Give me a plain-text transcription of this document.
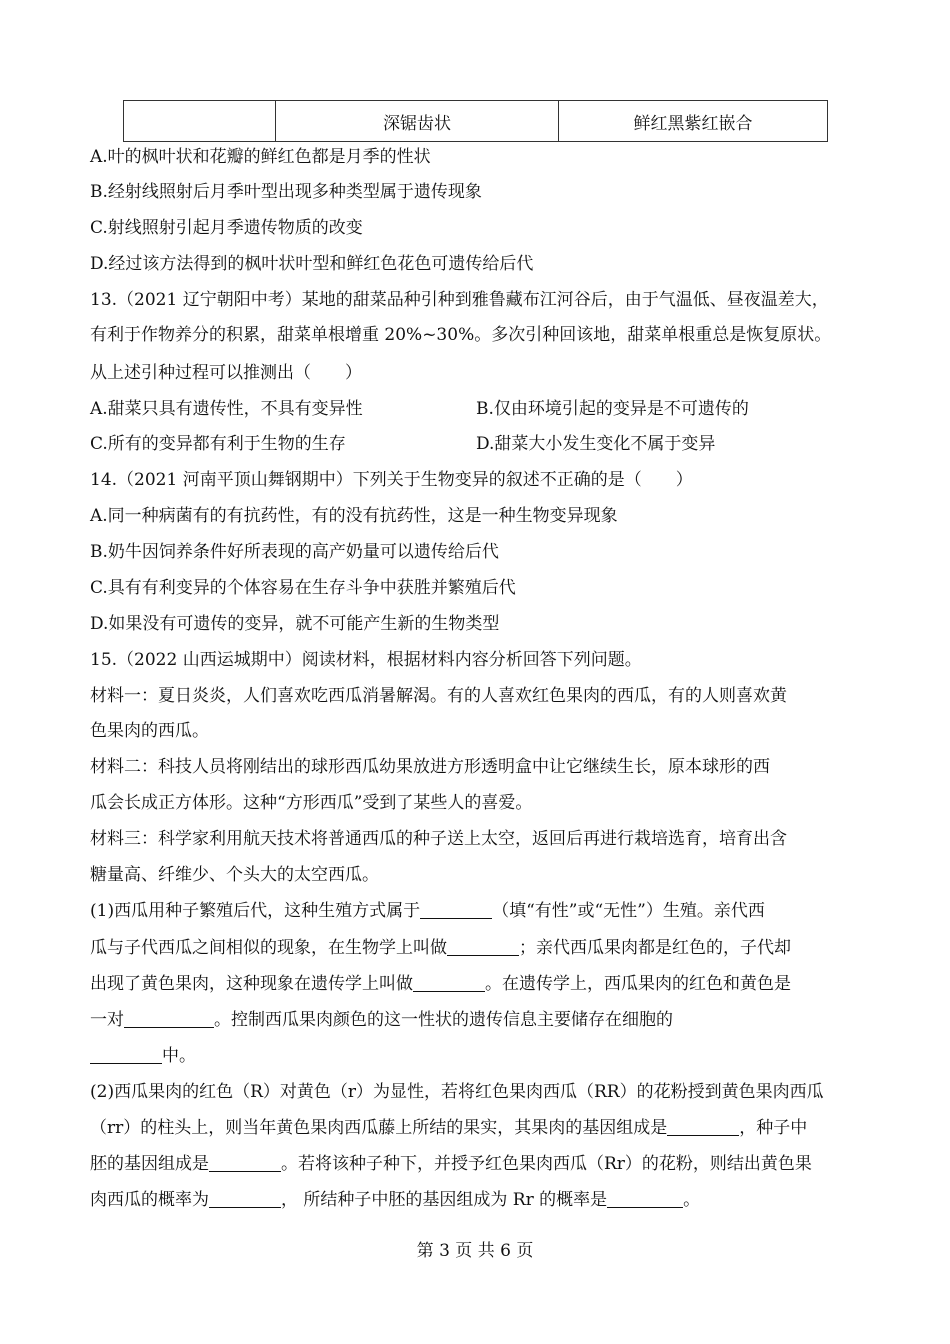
	深锯齿状	鲜红黑紫红嵌合
A.叶的枫叶状和花瓣的鲜红色都是月季的性状
B.经射线照射后月季叶型出现多种类型属于遗传现象
C.射线照射引起月季遗传物质的改变
D.经过该方法得到的枫叶状叶型和鲜红色花色可遗传给后代
13.（2021 辽宁朝阳中考）某地的甜菜品种引种到雅鲁藏布江河谷后，由于气温低、昼夜温差大，
有利于作物养分的积累，甜菜单根增重 20%~30%。多次引种回该地，甜菜单根重总是恢复原状。
从上述引种过程可以推测出（　　）
A.甜菜只具有遗传性，不具有变异性	B.仅由环境引起的变异是不可遗传的
C.所有的变异都有利于生物的生存	D.甜菜大小发生变化不属于变异
14.（2021 河南平顶山舞钢期中）下列关于生物变异的叙述不正确的是（　　）
A.同一种病菌有的有抗药性，有的没有抗药性，这是一种生物变异现象
B.奶牛因饲养条件好所表现的高产奶量可以遗传给后代
C.具有有利变异的个体容易在生存斗争中获胜并繁殖后代
D.如果没有可遗传的变异，就不可能产生新的生物类型
15.（2022 山西运城期中）阅读材料，根据材料内容分析回答下列问题。
材料一：夏日炎炎，人们喜欢吃西瓜消暑解渴。有的人喜欢红色果肉的西瓜，有的人则喜欢黄
色果肉的西瓜。
材料二：科技人员将刚结出的球形西瓜幼果放进方形透明盒中让它继续生长，原本球形的西
瓜会长成正方体形。这种“方形西瓜”受到了某些人的喜爱。
材料三：科学家利用航天技术将普通西瓜的种子送上太空，返回后再进行栽培选育，培育出含
糖量高、纤维少、个头大的太空西瓜。
(1)西瓜用种子繁殖后代，这种生殖方式属于	（填“有性”或“无性”）生殖。亲代西
瓜与子代西瓜之间相似的现象，在生物学上叫做	；亲代西瓜果肉都是红色的，子代却
出现了黄色果肉，这种现象在遗传学上叫做	。在遗传学上，西瓜果肉的红色和黄色是
一对	。控制西瓜果肉颜色的这一性状的遗传信息主要储存在细胞的
中。
(2)西瓜果肉的红色（R）对黄色（r）为显性，若将红色果肉西瓜（RR）的花粉授到黄色果肉西瓜
（rr）的柱头上，则当年黄色果肉西瓜藤上所结的果实，其果肉的基因组成是	，种子中
胚的基因组成是	。若将该种子种下，并授予红色果肉西瓜（Rr）的花粉，则结出黄色果
肉西瓜的概率为	， 所结种子中胚的基因组成为 Rr 的概率是	。
第 3 页 共 6 页
